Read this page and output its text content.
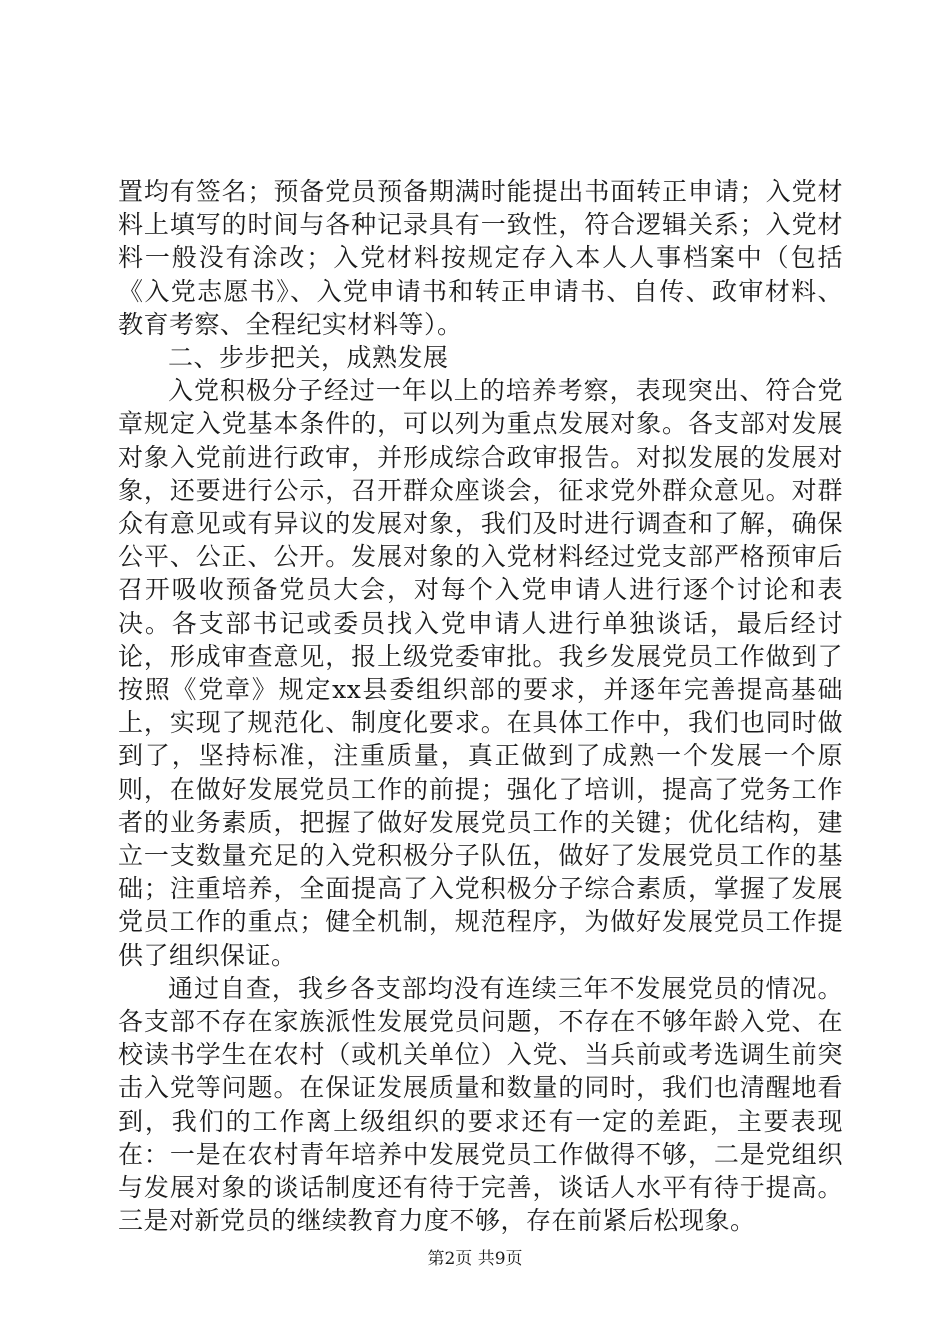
置均有签名；预备党员预备期满时能提出书面转正申请；入党材料上填写的时间与各种记录具有一致性，符合逻辑关系；入党材料一般没有涂改；入党材料按规定存入本人人事档案中（包括《入党志愿书》、入党申请书和转正申请书、自传、政审材料、教育考察、全程纪实材料等）。

二、步步把关，成熟发展

入党积极分子经过一年以上的培养考察，表现突出、符合党章规定入党基本条件的，可以列为重点发展对象。各支部对发展对象入党前进行政审，并形成综合政审报告。对拟发展的发展对象，还要进行公示，召开群众座谈会，征求党外群众意见。对群众有意见或有异议的发展对象，我们及时进行调查和了解，确保公平、公正、公开。发展对象的入党材料经过党支部严格预审后召开吸收预备党员大会，对每个入党申请人进行逐个讨论和表决。各支部书记或委员找入党申请人进行单独谈话，最后经讨论，形成审查意见，报上级党委审批。我乡发展党员工作做到了按照《党章》规定xx县委组织部的要求，并逐年完善提高基础上，实现了规范化、制度化要求。在具体工作中，我们也同时做到了，坚持标准，注重质量，真正做到了成熟一个发展一个原则，在做好发展党员工作的前提；强化了培训，提高了党务工作者的业务素质，把握了做好发展党员工作的关键；优化结构，建立一支数量充足的入党积极分子队伍，做好了发展党员工作的基础；注重培养，全面提高了入党积极分子综合素质，掌握了发展党员工作的重点；健全机制，规范程序，为做好发展党员工作提供了组织保证。

通过自查，我乡各支部均没有连续三年不发展党员的情况。各支部不存在家族派性发展党员问题，不存在不够年龄入党、在校读书学生在农村（或机关单位）入党、当兵前或考选调生前突击入党等问题。在保证发展质量和数量的同时，我们也清醒地看到，我们的工作离上级组织的要求还有一定的差距，主要表现在：一是在农村青年培养中发展党员工作做得不够，二是党组织与发展对象的谈话制度还有待于完善，谈话人水平有待于提高。三是对新党员的继续教育力度不够，存在前紧后松现象。

第2页 共9页
